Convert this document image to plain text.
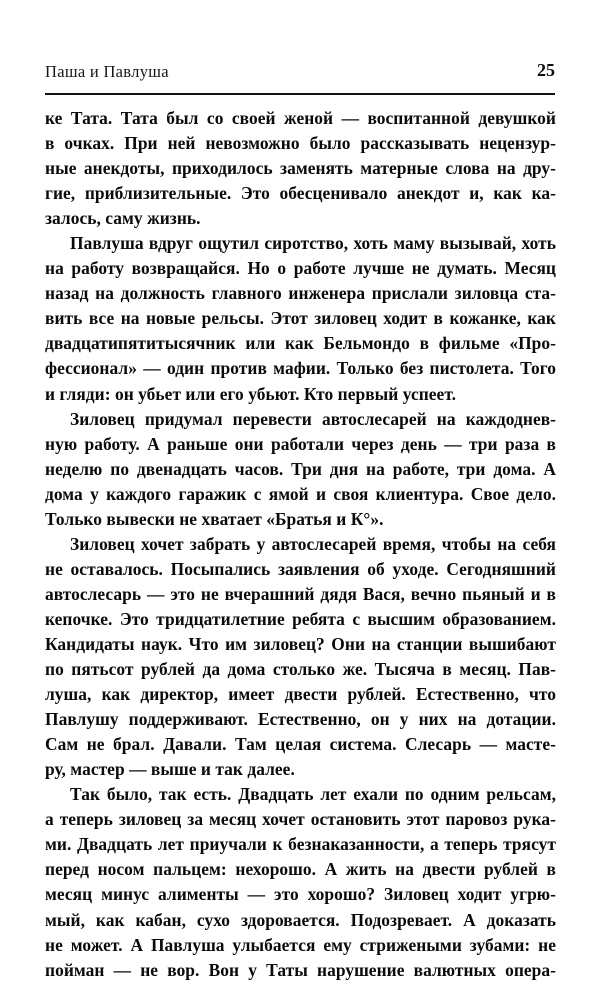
Паша и Павлуша	25

ке Тата. Тата был со своей женой — воспитанной девушкой
в очках. При ней невозможно было рассказывать нецензур-
ные анекдоты, приходилось заменять матерные слова на дру-
гие, приблизительные. Это обесценивало анекдот и, как ка-
залось, саму жизнь.

Павлуша вдруг ощутил сиротство, хоть маму вызывай, хоть
на работу возвращайся. Но о работе лучше не думать. Месяц
назад на должность главного инженера прислали зиловца ста-
вить все на новые рельсы. Этот зиловец ходит в кожанке, как
двадцатипятитысячник или как Бельмондо в фильме «Про-
фессионал» — один против мафии. Только без пистолета. Того
и гляди: он убьет или его убьют. Кто первый успеет.

Зиловец придумал перевести автослесарей на каждоднев-
ную работу. А раньше они работали через день — три раза в
неделю по двенадцать часов. Три дня на работе, три дома. А
дома у каждого гаражик с ямой и своя клиентура. Свое дело.
Только вывески не хватает «Братья и К°».

Зиловец хочет забрать у автослесарей время, чтобы на себя
не оставалось. Посыпались заявления об уходе. Сегодняшний
автослесарь — это не вчерашний дядя Вася, вечно пьяный и в
кепочке. Это тридцатилетние ребята с высшим образованием.
Кандидаты наук. Что им зиловец? Они на станции вышибают
по пятьсот рублей да дома столько же. Тысяча в месяц. Пав-
луша, как директор, имеет двести рублей. Естественно, что
Павлушу поддерживают. Естественно, он у них на дотации.
Сам не брал. Давали. Там целая система. Слесарь — масте-
ру, мастер — выше и так далее.

Так было, так есть. Двадцать лет ехали по одним рельсам,
а теперь зиловец за месяц хочет остановить этот паровоз рука-
ми. Двадцать лет приучали к безнаказанности, а теперь трясут
перед носом пальцем: нехорошо. А жить на двести рублей в
месяц минус алименты — это хорошо? Зиловец ходит угрю-
мый, как кабан, сухо здоровается. Подозревает. А доказать
не может. А Павлуша улыбается ему стрижеными зубами: не
пойман — не вор. Вон у Таты нарушение валютных опера-
